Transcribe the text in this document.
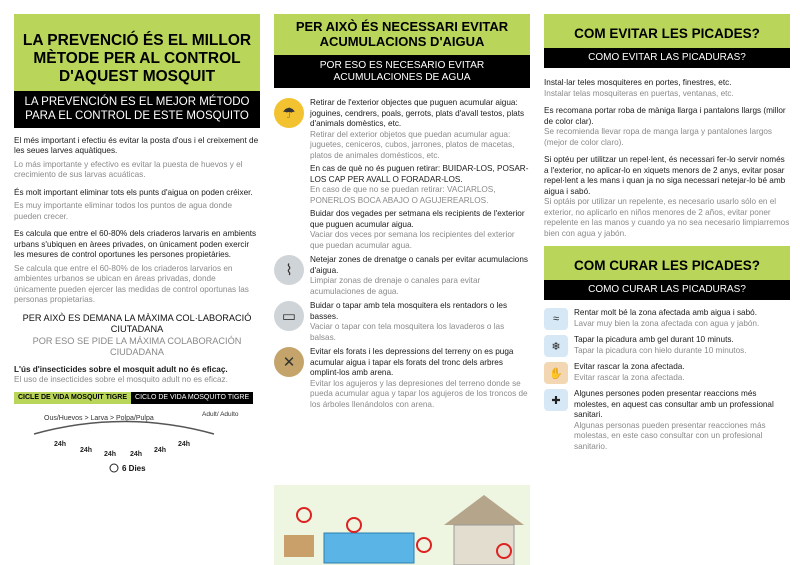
LA PREVENCIÓ ÉS EL MILLOR MÈTODE PER AL CONTROL D'AQUEST MOSQUIT
LA PREVENCIÓN ES EL MEJOR MÉTODO PARA EL CONTROL DE ESTE MOSQUITO
El més important i efectiu és evitar la posta d'ous i el creixement de les seues larves aquàtiques.
Lo más importante y efectivo es evitar la puesta de huevos y el crecimiento de sus larvas acuáticas.
És molt important eliminar tots els punts d'aigua on poden créixer.
Es muy importante eliminar todos los puntos de agua donde pueden crecer.
Es calcula que entre el 60-80% dels criaderos larvaris en ambients urbans s'ubiquen en àrees privades, on únicament poden exercir les mesures de control oportunes les persones propietàries.
Se calcula que entre el 60-80% de los criaderos larvarios en ambientes urbanos se ubican en áreas privadas, donde únicamente pueden ejercer las medidas de control oportunas las personas propietarias.
PER AIXÒ ES DEMANA LA MÀXIMA COL·LABORACIÓ CIUTADANA
POR ESO SE PIDE LA MÁXIMA COLABORACIÓN CIUDADANA
L'ús d'insecticides sobre el mosquit adult no és eficaç.
El uso de insecticides sobre el mosquito adult no es eficaz.
CICLE DE VIDA MOSQUIT TIGRE	CICLO DE VIDA MOSQUITO TIGRE
Ous/Huevos > Larva > Polpa/Pulpa
Adult/ Adulto
24h
24h
24h 24h
24h
24h
6 Dies
PER AIXÒ ÉS NECESSARI EVITAR ACUMULACIONS D'AIGUA
POR ESO ES NECESARIO EVITAR ACUMULACIONES DE AGUA
☂
Retirar de l'exterior objectes que puguen acumular aigua: joguines, cendrers, poals, gerrots, plats d'avall testos, plats d'animals domèstics, etc.
Retirar del exterior objetos que puedan acumular agua: juguetes, ceniceros, cubos, jarrones, platos de macetas, platos de animales domésticos, etc.
En cas de què no és puguen retirar: BUIDAR-LOS, POSAR-LOS CAP PER AVALL O FORADAR-LOS.
En caso de que no se puedan retirar: VACIARLOS, PONERLOS BOCA ABAJO O AGUJEREARLOS.
Buidar dos vegades per setmana els recipients de l'exterior que puguen acumular aigua.
Vaciar dos veces por semana los recipientes del exterior que puedan acumular agua.
⌇
Netejar zones de drenatge o canals per evitar acumulacions d'aigua.
Limpiar zonas de drenaje o canales para evitar acumulaciones de agua.
▭
Buidar o tapar amb tela mosquitera els rentadors o les basses.
Vaciar o tapar con tela mosquitera los lavaderos o las balsas.
✕
Evitar els forats i les depressions del terreny on es puga acumular aigua i tapar els forats del tronc dels arbres omplint-los amb arena.
Evitar los agujeros y las depresiones del terreno donde se pueda acumular agua y tapar los agujeros de los troncos de los árboles llenándolos con arena.
COM EVITAR LES PICADES?
COMO EVITAR LAS PICADURAS?
Instal·lar teles mosquiteres en portes, finestres, etc.
Instalar telas mosquiteras en puertas, ventanas, etc.
Es recomana portar roba de màniga llarga i pantalons llargs (millor de color clar).
Se recomienda llevar ropa de manga larga y pantalones largos (mejor de color claro).
Si optéu per utilitzar un repel·lent, és necessari fer-lo servir només a l'exterior, no aplicar-lo en xiquets menors de 2 anys, evitar posar repel·lent a les mans i quan ja no siga necessari netejar-lo bé amb aigua i sabó.
Si optáis por utilizar un repelente, es necesario usarlo sólo en el exterior, no aplicarlo en niños menores de 2 años, evitar poner repelente en las manos y cuando ya no sea necesario limpiarremos bien con agua y jabón.
COM CURAR LES PICADES?
COMO CURAR LAS PICADURAS?
≈
Rentar molt bé la zona afectada amb aigua i sabó.
Lavar muy bien la zona afectada con agua y jabón.
❄
Tapar la picadura amb gel durant 10 minuts.
Tapar la picadura con hielo durante 10 minutos.
✋
Evitar rascar la zona afectada.
Evitar rascar la zona afectada.
✚
Algunes persones poden presentar reaccions més molestes, en aquest cas consultar amb un professional sanitari.
Algunas personas pueden presentar reacciones más molestas, en este caso consultar con un profesional sanitario.
